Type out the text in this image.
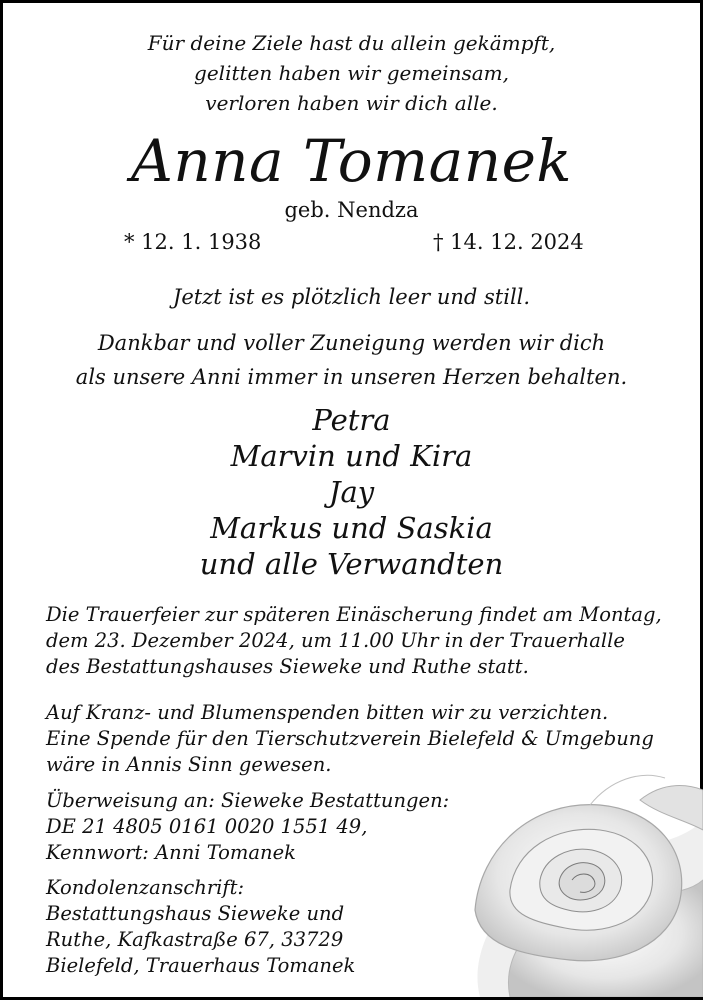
Für deine Ziele hast du allein gekämpft,
gelitten haben wir gemeinsam,
verloren haben wir dich alle.
Anna Tomanek
geb. Nendza
* 12. 1. 1938	† 14. 12. 2024
Jetzt ist es plötzlich leer und still.
Dankbar und voller Zuneigung werden wir dich
als unsere Anni immer in unseren Herzen behalten.
Petra
Marvin und Kira
Jay
Markus und Saskia
und alle Verwandten
Die Trauerfeier zur späteren Einäscherung findet am Montag,
dem 23. Dezember 2024, um 11.00 Uhr in der Trauerhalle
des Bestattungshauses Sieweke und Ruthe statt.
Auf Kranz- und Blumenspenden bitten wir zu verzichten.
Eine Spende für den Tierschutzverein Bielefeld & Umgebung
wäre in Annis Sinn gewesen.
Überweisung an: Sieweke Bestattungen:
DE 21 4805 0161 0020 1551 49,
Kennwort: Anni Tomanek
Kondolenzanschrift:
Bestattungshaus Sieweke und
Ruthe, Kafkastraße 67, 33729
Bielefeld, Trauerhaus Tomanek
